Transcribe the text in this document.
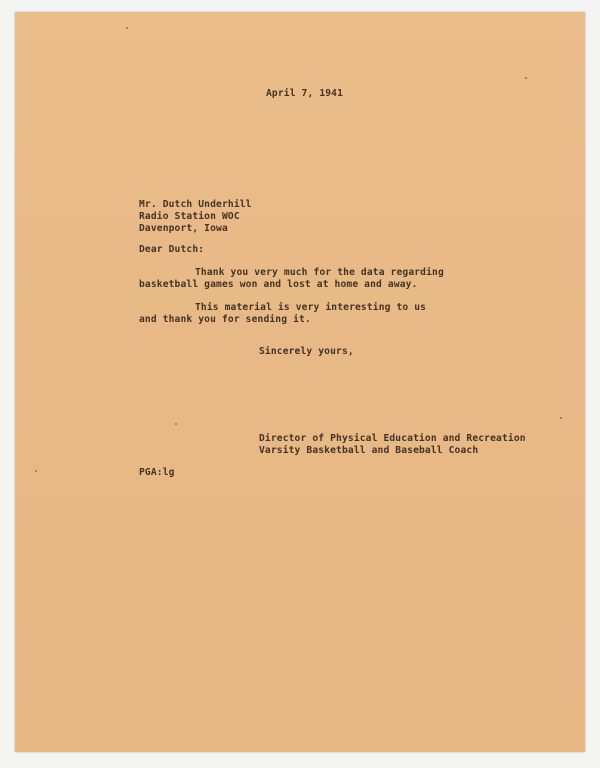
April 7, 1941
Mr. Dutch Underhill
Radio Station WOC
Davenport, Iowa
Dear Dutch:
Thank you very much for the data regarding
basketball games won and lost at home and away.
This material is very interesting to us
and thank you for sending it.
Sincerely yours,
Director of Physical Education and Recreation
Varsity Basketball and Baseball Coach
PGA:lg
